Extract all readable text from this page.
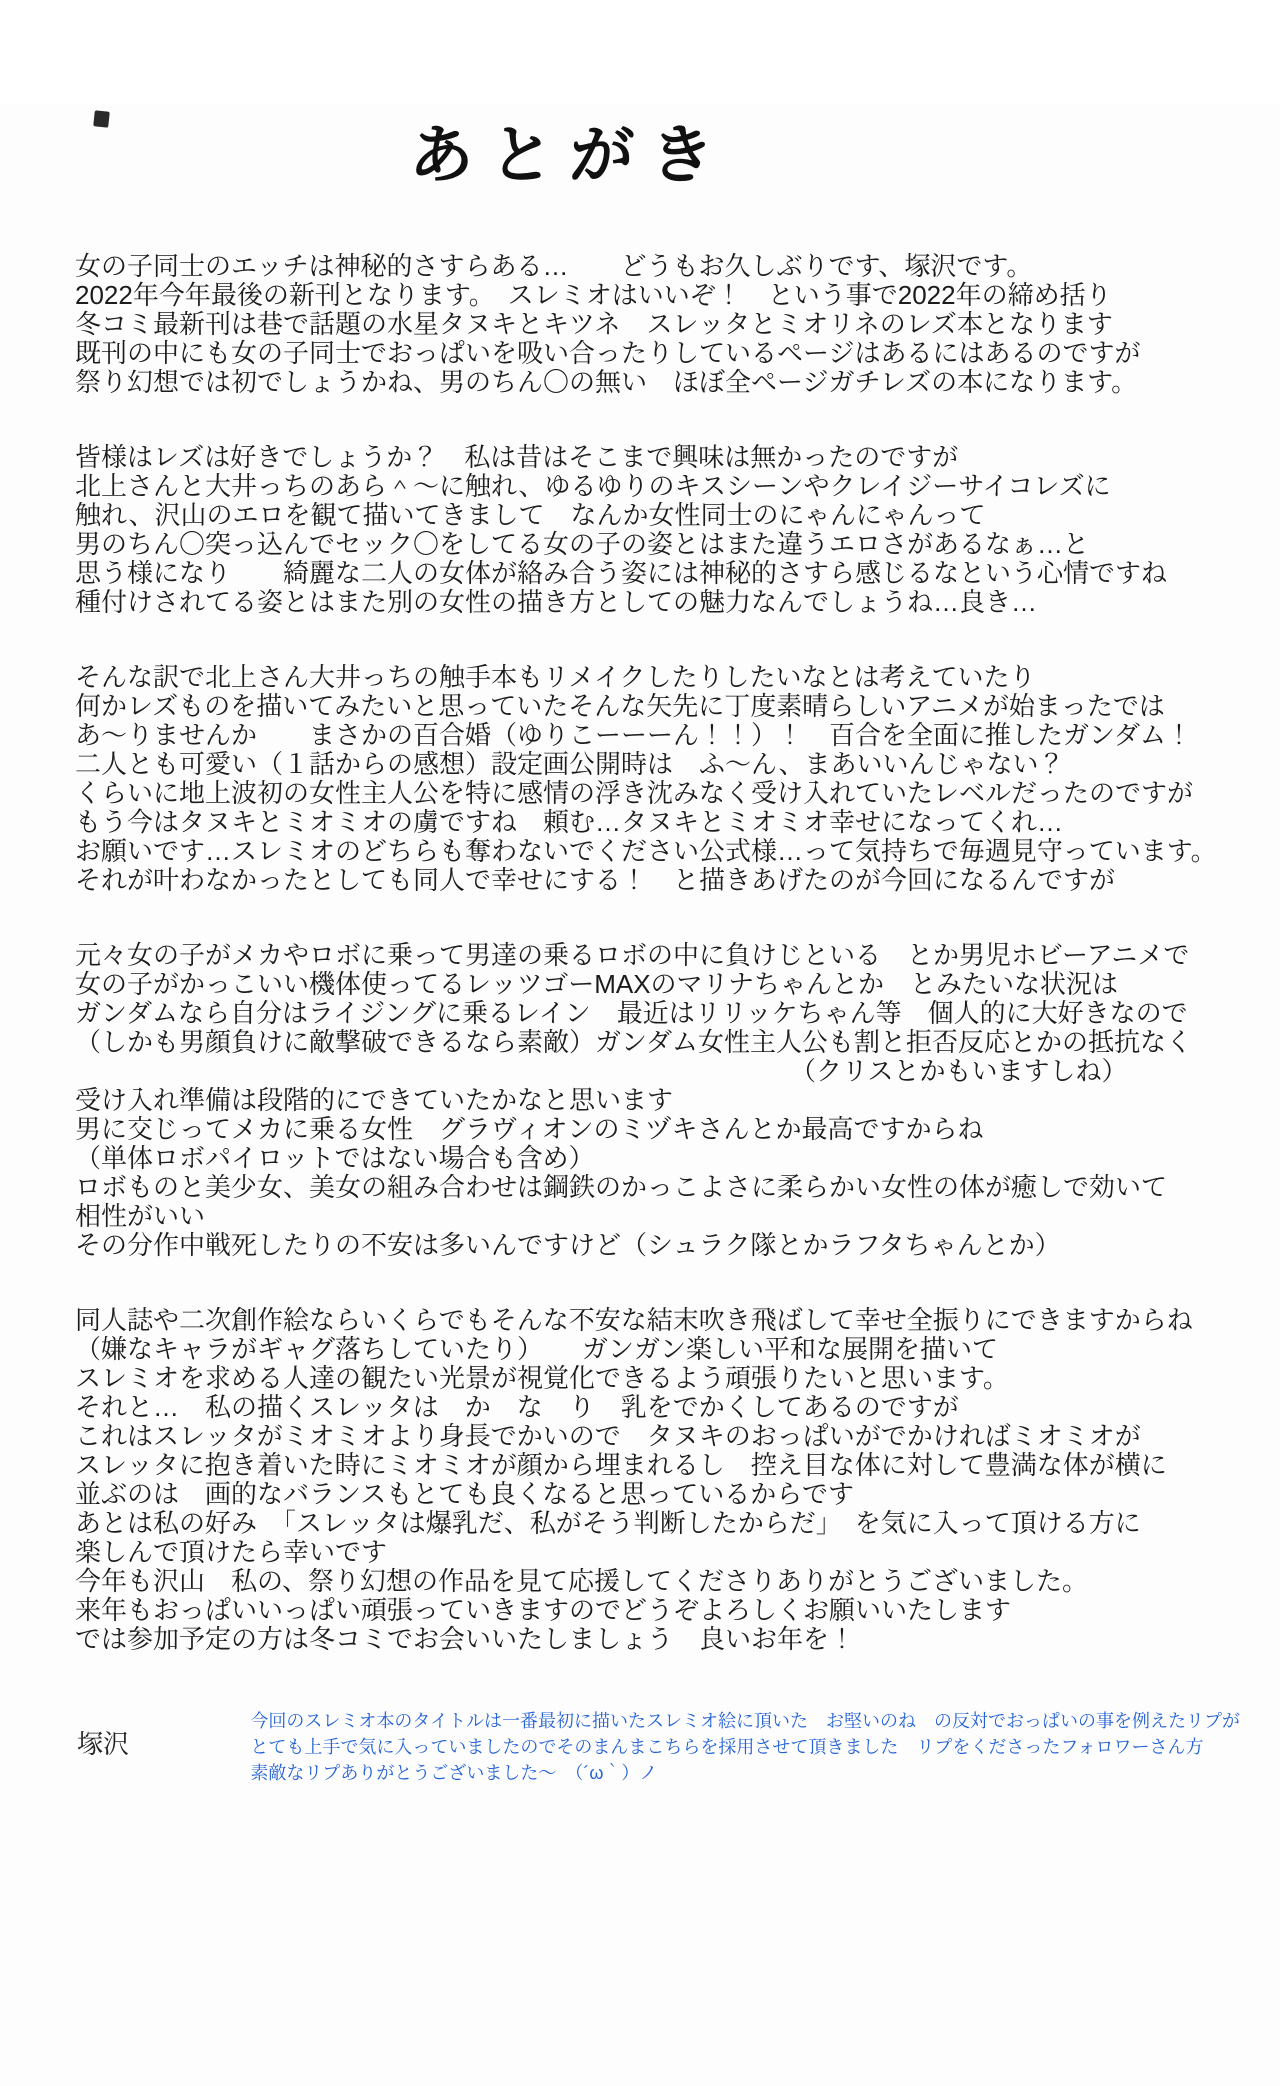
あとがき
女の子同士のエッチは神秘的さすらある…　　どうもお久しぶりです、塚沢です。
2022年今年最後の新刊となります。　スレミオはいいぞ！　という事で2022年の締め括り
冬コミ最新刊は巷で話題の水星タヌキとキツネ　スレッタとミオリネのレズ本となります
既刊の中にも女の子同士でおっぱいを吸い合ったりしているページはあるにはあるのですが
祭り幻想では初でしょうかね、男のちん〇の無い　ほぼ全ページガチレズの本になります。
皆様はレズは好きでしょうか？　私は昔はそこまで興味は無かったのですが
北上さんと大井っちのあら＾～に触れ、ゆるゆりのキスシーンやクレイジーサイコレズに
触れ、沢山のエロを観て描いてきまして　なんか女性同士のにゃんにゃんって
男のちん〇突っ込んでセック〇をしてる女の子の姿とはまた違うエロさがあるなぁ…と
思う様になり　　綺麗な二人の女体が絡み合う姿には神秘的さすら感じるなという心情ですね
種付けされてる姿とはまた別の女性の描き方としての魅力なんでしょうね…良き…
そんな訳で北上さん大井っちの触手本もリメイクしたりしたいなとは考えていたり
何かレズものを描いてみたいと思っていたそんな矢先に丁度素晴らしいアニメが始まったでは
あ～りませんか　　まさかの百合婚（ゆりこーーーん！！）！　百合を全面に推したガンダム！
二人とも可愛い（１話からの感想）設定画公開時は　ふ～ん、まあいいんじゃない？
くらいに地上波初の女性主人公を特に感情の浮き沈みなく受け入れていたレベルだったのですが
もう今はタヌキとミオミオの虜ですね　頼む…タヌキとミオミオ幸せになってくれ…
お願いです…スレミオのどちらも奪わないでください公式様…って気持ちで毎週見守っています。
それが叶わなかったとしても同人で幸せにする！　と描きあげたのが今回になるんですが
元々女の子がメカやロボに乗って男達の乗るロボの中に負けじといる　とか男児ホビーアニメで
女の子がかっこいい機体使ってるレッツゴーMAXのマリナちゃんとか　とみたいな状況は
ガンダムなら自分はライジングに乗るレイン　最近はリリッケちゃん等　個人的に大好きなので
（しかも男顔負けに敵撃破できるなら素敵）ガンダム女性主人公も割と拒否反応とかの抵抗なく
（クリスとかもいますしね）
受け入れ準備は段階的にできていたかなと思います
男に交じってメカに乗る女性　グラヴィオンのミヅキさんとか最高ですからね
（単体ロボパイロットではない場合も含め）
ロボものと美少女、美女の組み合わせは鋼鉄のかっこよさに柔らかい女性の体が癒しで効いて
相性がいい
その分作中戦死したりの不安は多いんですけど（シュラク隊とかラフタちゃんとか）
同人誌や二次創作絵ならいくらでもそんな不安な結末吹き飛ばして幸せ全振りにできますからね
（嫌なキャラがギャグ落ちしていたり）　　ガンガン楽しい平和な展開を描いて
スレミオを求める人達の観たい光景が視覚化できるよう頑張りたいと思います。
それと…　私の描くスレッタは　か　な　り　乳をでかくしてあるのですが
これはスレッタがミオミオより身長でかいので　タヌキのおっぱいがでかければミオミオが
スレッタに抱き着いた時にミオミオが顔から埋まれるし　控え目な体に対して豊満な体が横に
並ぶのは　画的なバランスもとても良くなると思っているからです
あとは私の好み　「スレッタは爆乳だ、私がそう判断したからだ」　を気に入って頂ける方に
楽しんで頂けたら幸いです
今年も沢山　私の、祭り幻想の作品を見て応援してくださりありがとうございました。
来年もおっぱいいっぱい頑張っていきますのでどうぞよろしくお願いいたします
では参加予定の方は冬コミでお会いいたしましょう　良いお年を！
塚沢
今回のスレミオ本のタイトルは一番最初に描いたスレミオ絵に頂いた　お堅いのね　の反対でおっぱいの事を例えたリプが
とても上手で気に入っていましたのでそのまんまこちらを採用させて頂きました　リプをくださったフォロワーさん方
素敵なリプありがとうございました～　（´ω｀）ノ
